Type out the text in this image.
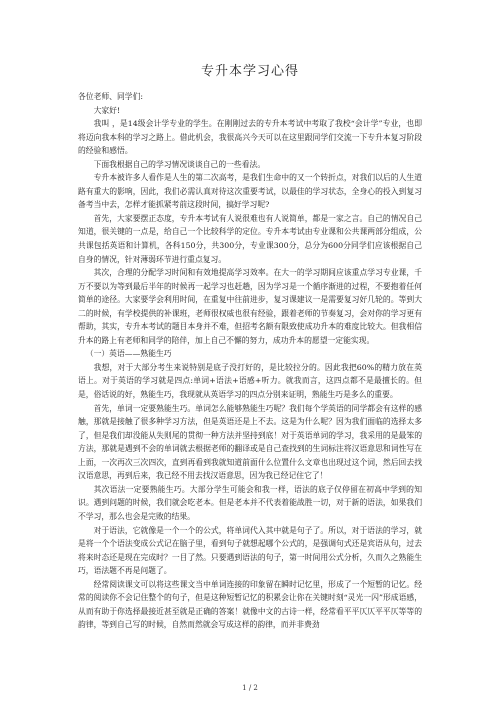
专升本学习心得

各位老师、同学们:

大家好!

我叫 ，是14级会计学专业的学生。在刚刚过去的专升本考试中考取了我校“会计学”专业，也即将迈向我本科的学习之路上。借此机会，我很高兴今天可以在这里跟同学们交流一下专升本复习阶段的经验和感悟。

下面我根据自己的学习情况谈谈自己的一些看法。

专升本被许多人看作是人生的第二次高考，是我们生命中的又一个转折点，对我们以后的人生道路有重大的影响，因此，我们必需认真对待这次重要考试，以最佳的学习状态，全身心的投入到复习备考当中去，怎样才能抓紧考前这段时间，搞好学习呢?

首先，大家要摆正态度，专升本考试有人说很难也有人说简单，都是一家之言。自己的情况自己知道，很关键的一点是，给自己一个比较科学的定位。专升本考试由专业课和公共课两部分组成，公共课包括英语和计算机，各科150分，共300分，专业课300分，总分为600分同学们应该根据自己自身的情况，针对薄弱环节进行重点复习。

其次，合理的分配学习时间和有效地提高学习效率。在大一的学习期间应该重点学习专业课，千万不要以为等到最后半年的时候再一起学习也赶趟，因为学习是一个循序渐进的过程，不要抱着任何简单的途径。大家要学会利用时间，在重复中往前进步，复习课建议一是需要复习好几轮的。等到大二的时候，有学校提供的补课班，老师很权威也很有经验，跟着老师的节奏复习，会对你的学习更有帮助，其实，专升本考试的题目本身并不难，但招考名额有限致使成功升本的难度比较大。但我相信升本的路上有老师和同学的陪伴，加上自己不懈的努力，成功升本的愿望一定能实现。

（一）英语——熟能生巧

我想，对于大部分考生来说特别是底子没打好的，是比较拉分的。因此我把60%的精力放在英语上。对于英语的学习就是四点:单词+语法+语感+听力。就我而言，这四点都不是最擅长的。但是，俗话说的好，熟能生巧，我现就从英语学习的四点分别来证明，熟能生巧是多么的重要。

首先，单词一定要熟能生巧。单词怎么能够熟能生巧呢？我们每个学英语的同学都会有这样的感触，那就是接触了很多种学习方法，但是英语还是上不去。这是为什么呢？因为我们面临的选择太多了，但是我们却没能从失则尾的贯彻一种方法并坚持到底！对于英语单词的学习，我采用的是最笨的方法，那就是遇到不会的单词就去根据老师的翻译或是自己查找到的生词标注将汉语意思和词性写在上面，一次再次三次四次，直到再看到我就知道前面什么位置什么文章也出现过这个词，然后回去找汉语意思，再到后来，我已经不用去找汉语意思，因为我已经记住它了！

其次语法一定要熟能生巧。大部分学生可能会和我一样，语法的底子仅停留在初高中学到的知识。遇到问题的时候，我们就会吃老本。但是老本并不代表着能战胜一切，对于新的语法，如果我们不学习，那么也会是完败的结果。

对于语法，它就像是一个一个的公式，将单词代入其中就是句子了。所以，对于语法的学习，就是将一个个语法变成公式记在脑子里，看到句子就想起哪个公式的，是强调句式还是宾语从句，过去将来时态还是现在完成时？一目了然。只要遇到语法的句子，第一时间用公式分析，久而久之熟能生巧，语法题不再是问题了。

经常阅读课文可以将这些课文当中单词连接的印象留在瞬时记忆里，形成了一个短暂的记忆。经常的阅读你不会记住整个的句子，但是这种短暂记忆的积累会让你在关键时刻“灵光一闪”形成语感，从而有助于你选择最接近甚至就是正确的答案！就像中文的古诗一样，经常看平平仄仄平平仄等等的韵律，等到自己写的时候，自然而然就会写成这样的韵律，而并非费劲

1 / 2
